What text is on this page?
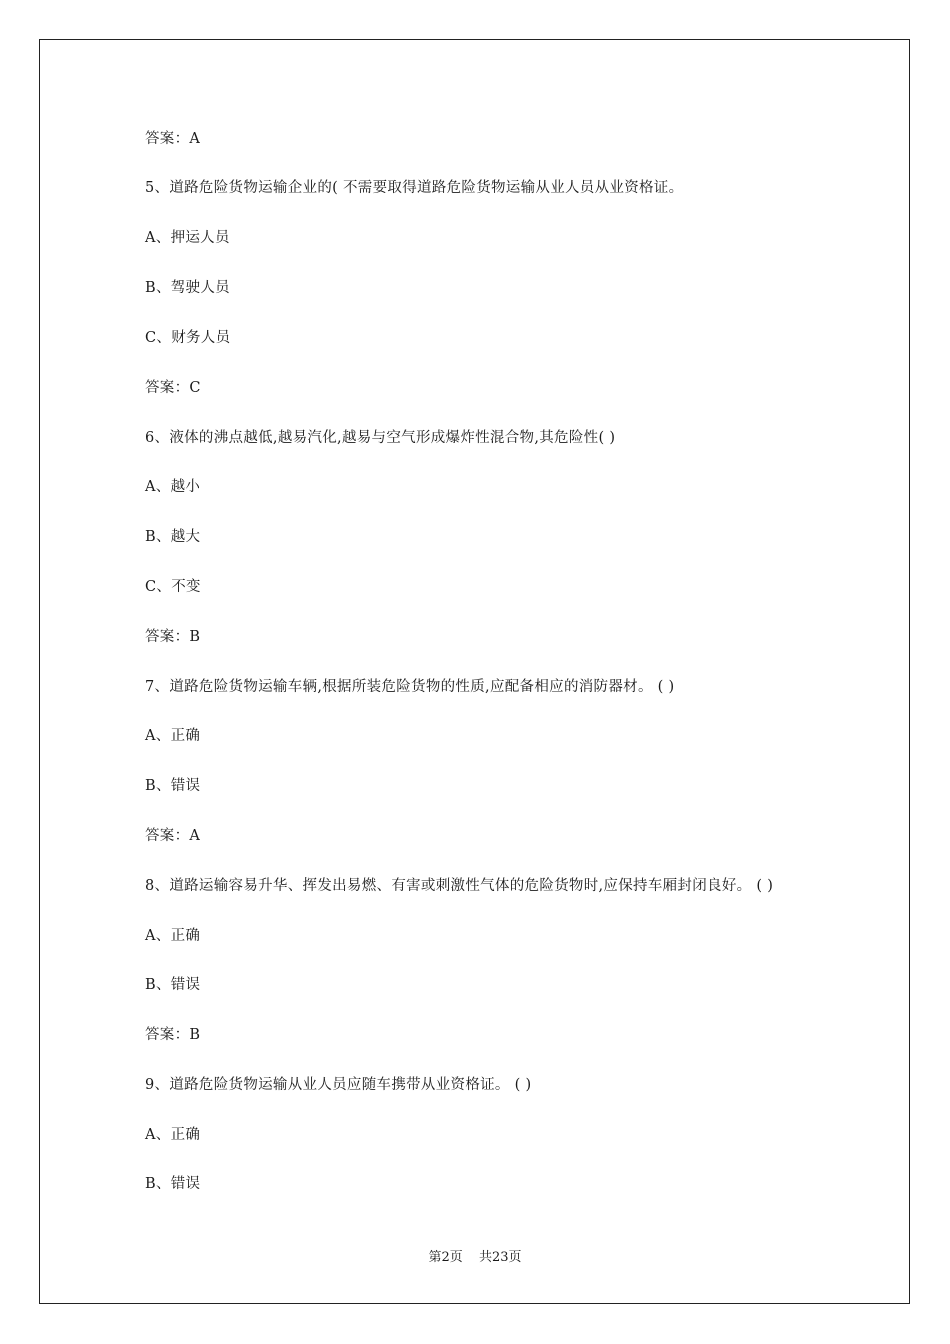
答案：A
5、道路危险货物运输企业的( 不需要取得道路危险货物运输从业人员从业资格证。
A、押运人员
B、驾驶人员
C、财务人员
答案：C
6、液体的沸点越低,越易汽化,越易与空气形成爆炸性混合物,其危险性( )
A、越小
B、越大
C、不变
答案：B
7、道路危险货物运输车辆,根据所装危险货物的性质,应配备相应的消防器材。 ( )
A、正确
B、错误
答案：A
8、道路运输容易升华、挥发出易燃、有害或刺激性气体的危险货物时,应保持车厢封闭良好。 ( )
A、正确
B、错误
答案：B
9、道路危险货物运输从业人员应随车携带从业资格证。 ( )
A、正确
B、错误
第2页 共23页
